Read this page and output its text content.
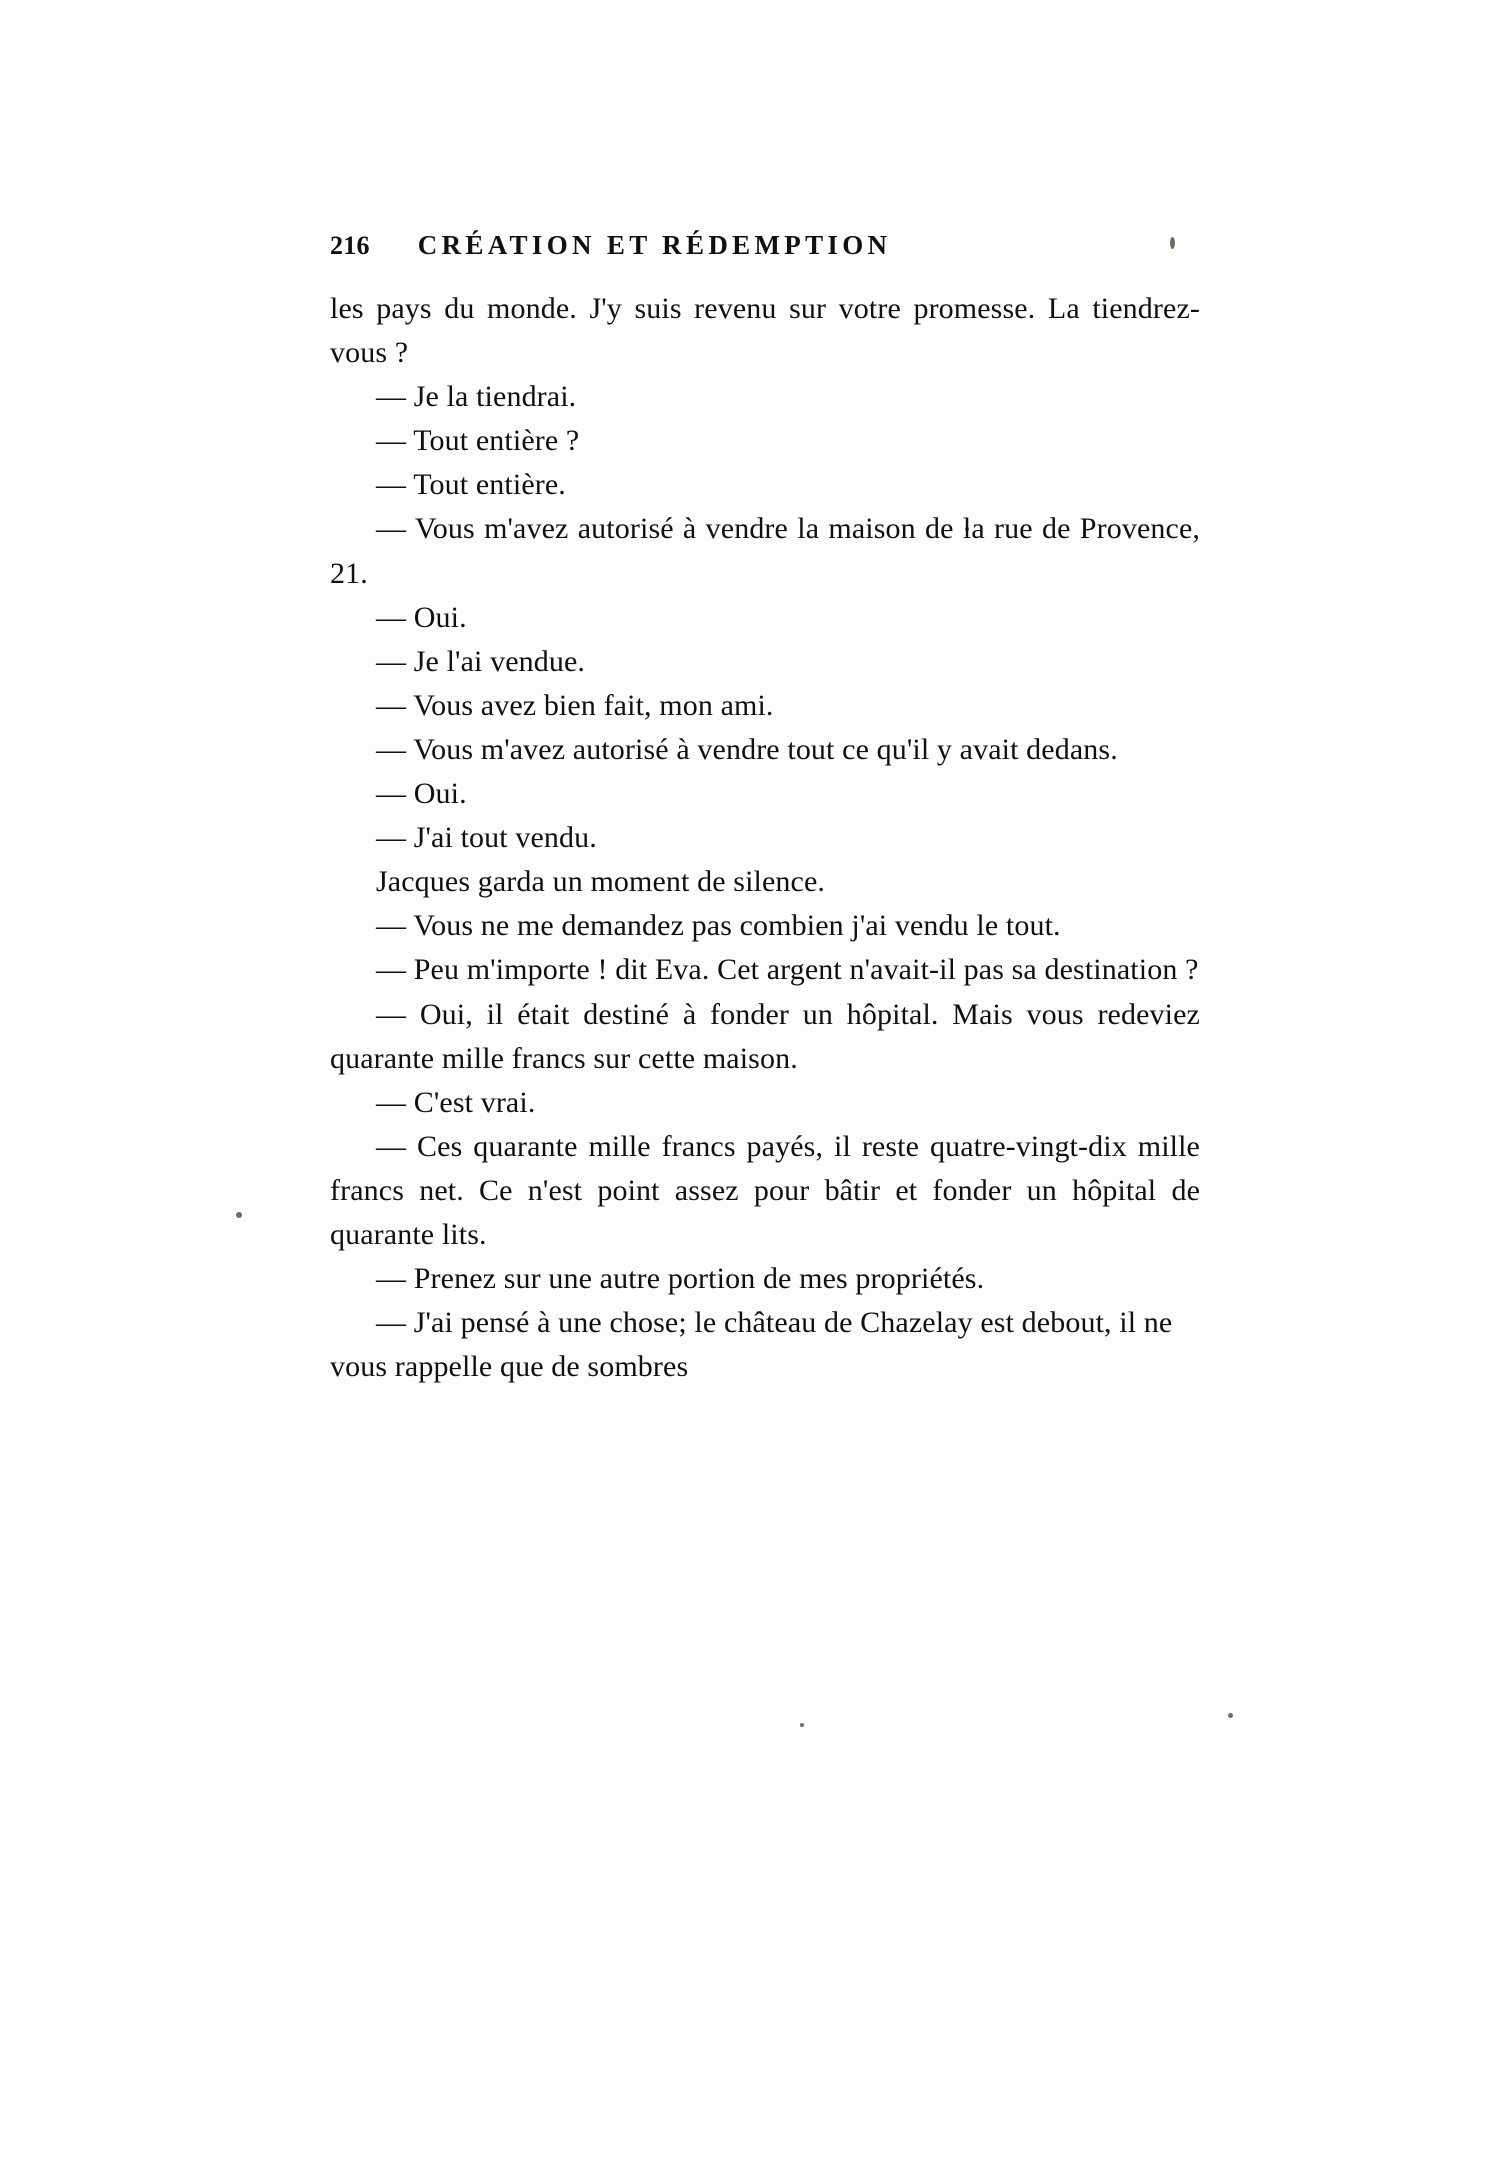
216 CRÉATION ET RÉDEMPTION

les pays du monde. J'y suis revenu sur votre promesse. La tiendrez-vous ?

— Je la tiendrai.

— Tout entière ?

— Tout entière.

— Vous m'avez autorisé à vendre la maison de la rue de Provence, 21.

— Oui.

— Je l'ai vendue.

— Vous avez bien fait, mon ami.

— Vous m'avez autorisé à vendre tout ce qu'il y avait dedans.

— Oui.

— J'ai tout vendu.

Jacques garda un moment de silence.

— Vous ne me demandez pas combien j'ai vendu le tout.

— Peu m'importe ! dit Eva. Cet argent n'avait-il pas sa destination ?

— Oui, il était destiné à fonder un hôpital. Mais vous redeviez quarante mille francs sur cette maison.

— C'est vrai.

— Ces quarante mille francs payés, il reste quatre-vingt-dix mille francs net. Ce n'est point assez pour bâtir et fonder un hôpital de quarante lits.

— Prenez sur une autre portion de mes propriétés.

— J'ai pensé à une chose; le château de Chazelay est debout, il ne vous rappelle que de sombres
